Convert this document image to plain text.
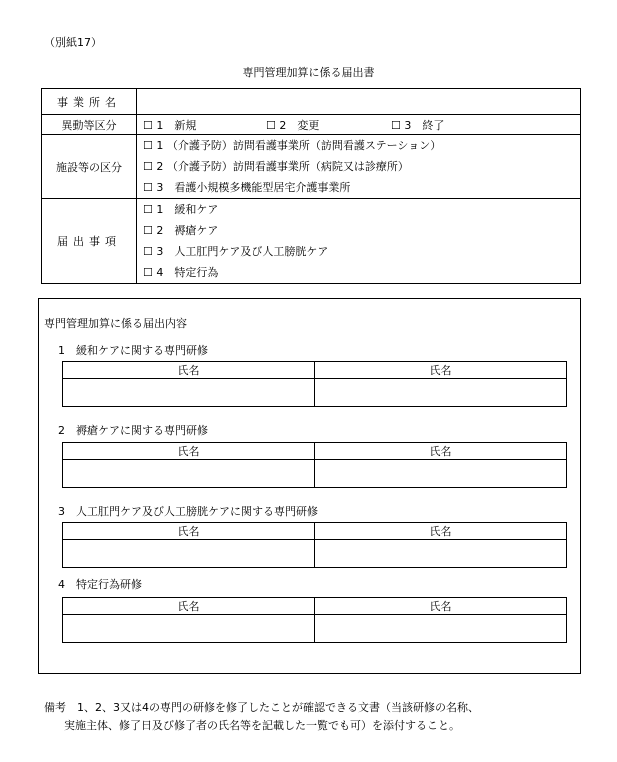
（別紙17）
専門管理加算に係る届出書
事業所名	
異動等区分	☐ 1　新規 ☐ 2　変更 ☐ 3　終了

施設等の区分	☐ 1 （介護予防）訪問看護事業所（訪問看護ステーション）
☐ 2 （介護予防）訪問看護事業所（病院又は診療所）
☐ 3　看護小規模多機能型居宅介護事業所

届出事項	☐ 1　緩和ケア
☐ 2　褥瘡ケア
☐ 3　人工肛門ケア及び人工膀胱ケア
☐ 4　特定行為
専門管理加算に係る届出内容
1　緩和ケアに関する専門研修
氏名	氏名

2　褥瘡ケアに関する専門研修
氏名	氏名

3　人工肛門ケア及び人工膀胱ケアに関する専門研修
氏名	氏名

4　特定行為研修
氏名	氏名

備考　1、2、3又は4の専門の研修を修了したことが確認できる文書（当該研修の名称、
実施主体、修了日及び修了者の氏名等を記載した一覧でも可）を添付すること。
